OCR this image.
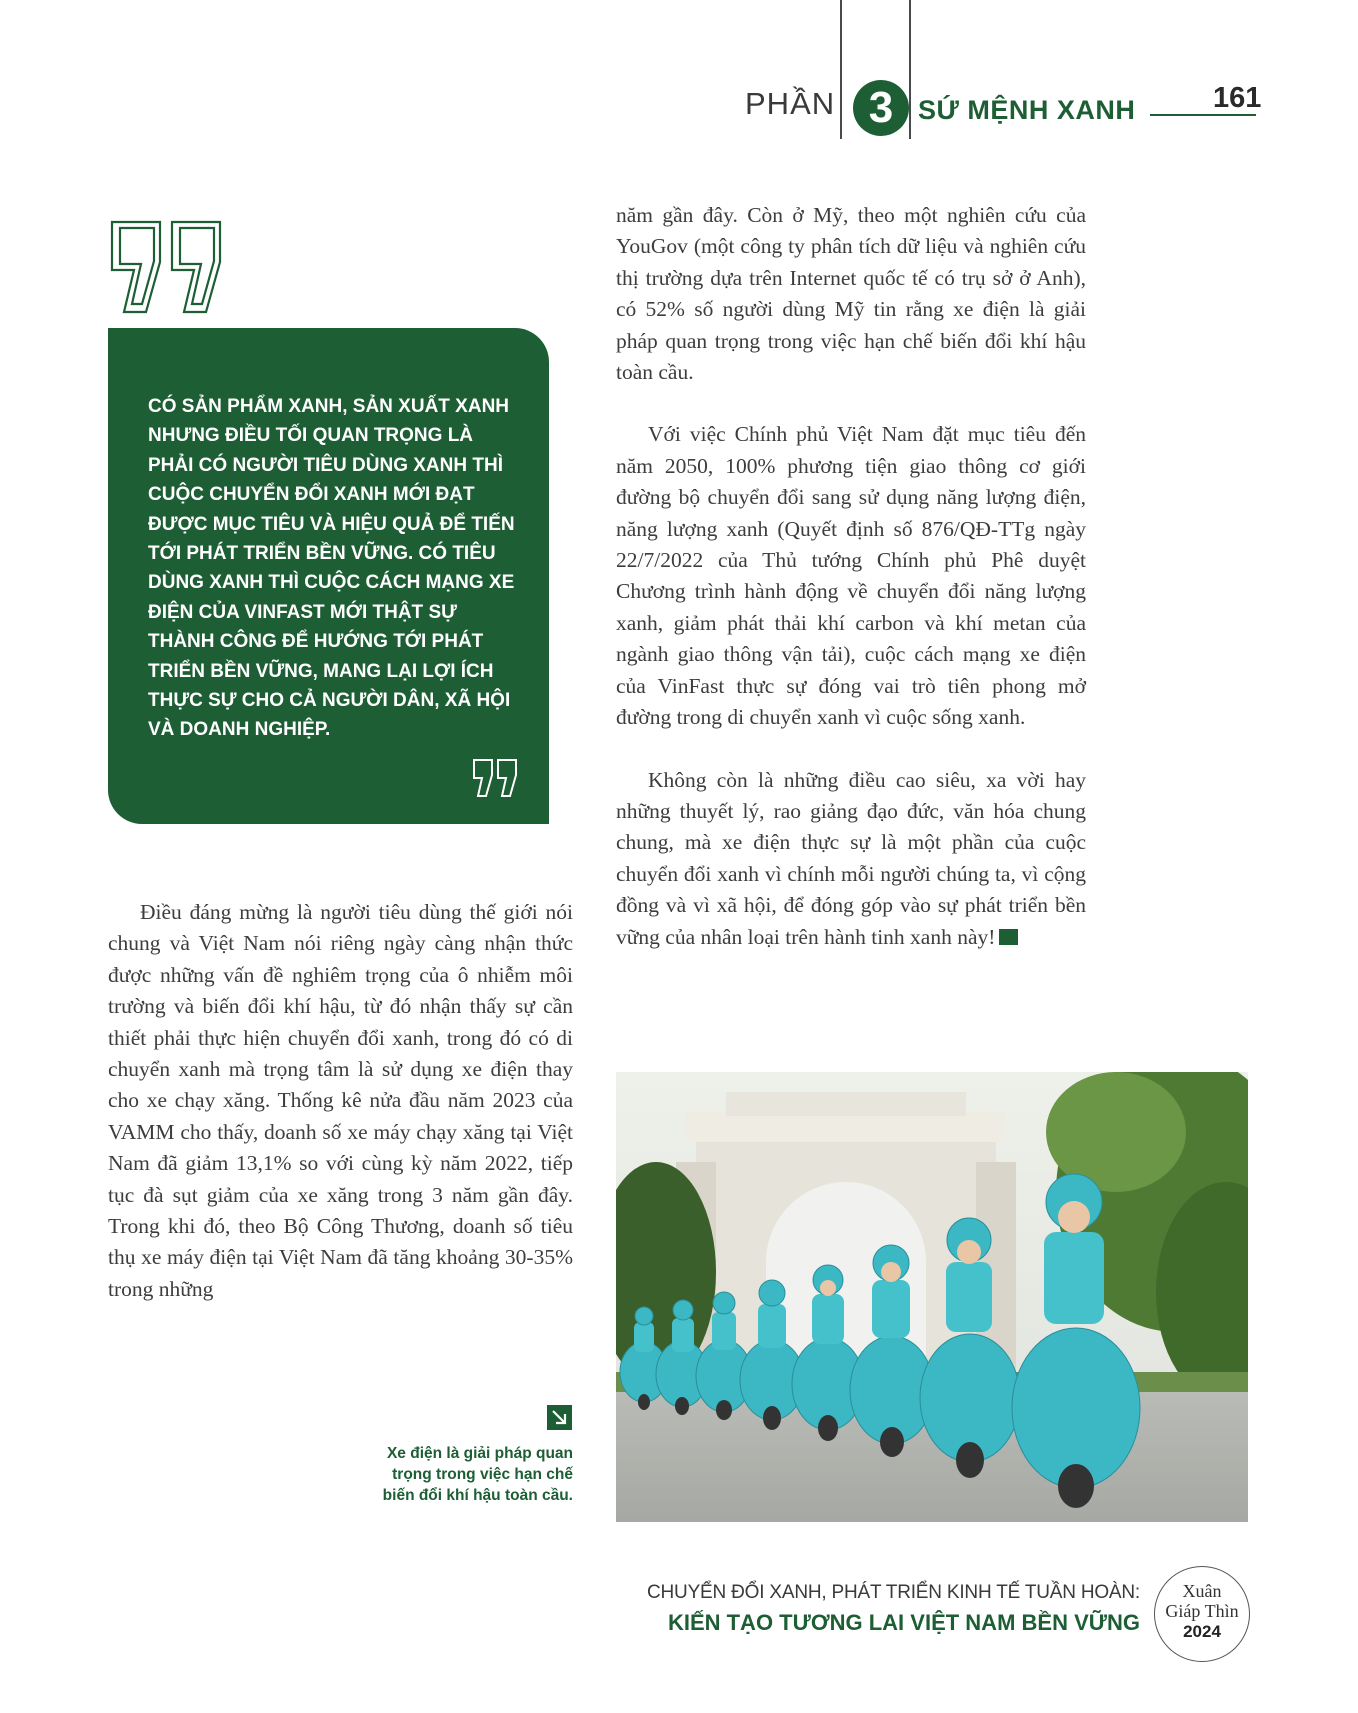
PHẦN 3 SỨ MỆNH XANH	161
CÓ SẢN PHẨM XANH, SẢN XUẤT XANH NHƯNG ĐIỀU TỐI QUAN TRỌNG LÀ PHẢI CÓ NGƯỜI TIÊU DÙNG XANH THÌ CUỘC CHUYỂN ĐỔI XANH MỚI ĐẠT ĐƯỢC MỤC TIÊU VÀ HIỆU QUẢ ĐỂ TIẾN TỚI PHÁT TRIỂN BỀN VỮNG. CÓ TIÊU DÙNG XANH THÌ CUỘC CÁCH MẠNG XE ĐIỆN CỦA VINFAST MỚI THẬT SỰ THÀNH CÔNG ĐỂ HƯỚNG TỚI PHÁT TRIỂN BỀN VỮNG, MANG LẠI LỢI ÍCH THỰC SỰ CHO CẢ NGƯỜI DÂN, XÃ HỘI VÀ DOANH NGHIỆP.
Điều đáng mừng là người tiêu dùng thế giới nói chung và Việt Nam nói riêng ngày càng nhận thức được những vấn đề nghiêm trọng của ô nhiễm môi trường và biến đổi khí hậu, từ đó nhận thấy sự cần thiết phải thực hiện chuyển đổi xanh, trong đó có di chuyển xanh mà trọng tâm là sử dụng xe điện thay cho xe chạy xăng. Thống kê nửa đầu năm 2023 của VAMM cho thấy, doanh số xe máy chạy xăng tại Việt Nam đã giảm 13,1% so với cùng kỳ năm 2022, tiếp tục đà sụt giảm của xe xăng trong 3 năm gần đây. Trong khi đó, theo Bộ Công Thương, doanh số tiêu thụ xe máy điện tại Việt Nam đã tăng khoảng 30-35% trong những
năm gần đây. Còn ở Mỹ, theo một nghiên cứu của YouGov (một công ty phân tích dữ liệu và nghiên cứu thị trường dựa trên Internet quốc tế có trụ sở ở Anh), có 52% số người dùng Mỹ tin rằng xe điện là giải pháp quan trọng trong việc hạn chế biến đổi khí hậu toàn cầu.
Với việc Chính phủ Việt Nam đặt mục tiêu đến năm 2050, 100% phương tiện giao thông cơ giới đường bộ chuyển đổi sang sử dụng năng lượng điện, năng lượng xanh (Quyết định số 876/QĐ-TTg ngày 22/7/2022 của Thủ tướng Chính phủ Phê duyệt Chương trình hành động về chuyển đổi năng lượng xanh, giảm phát thải khí carbon và khí metan của ngành giao thông vận tải), cuộc cách mạng xe điện của VinFast thực sự đóng vai trò tiên phong mở đường trong di chuyển xanh vì cuộc sống xanh.
Không còn là những điều cao siêu, xa vời hay những thuyết lý, rao giảng đạo đức, văn hóa chung chung, mà xe điện thực sự là một phần của cuộc chuyển đổi xanh vì chính mỗi người chúng ta, vì cộng đồng và vì xã hội, để đóng góp vào sự phát triển bền vững của nhân loại trên hành tinh xanh này!
Xe điện là giải pháp quan trọng trong việc hạn chế biến đổi khí hậu toàn cầu.
CHUYỂN ĐỔI XANH, PHÁT TRIỂN KINH TẾ TUẦN HOÀN:
KIẾN TẠO TƯƠNG LAI VIỆT NAM BỀN VỮNG
Xuân
Giáp Thìn
2024
